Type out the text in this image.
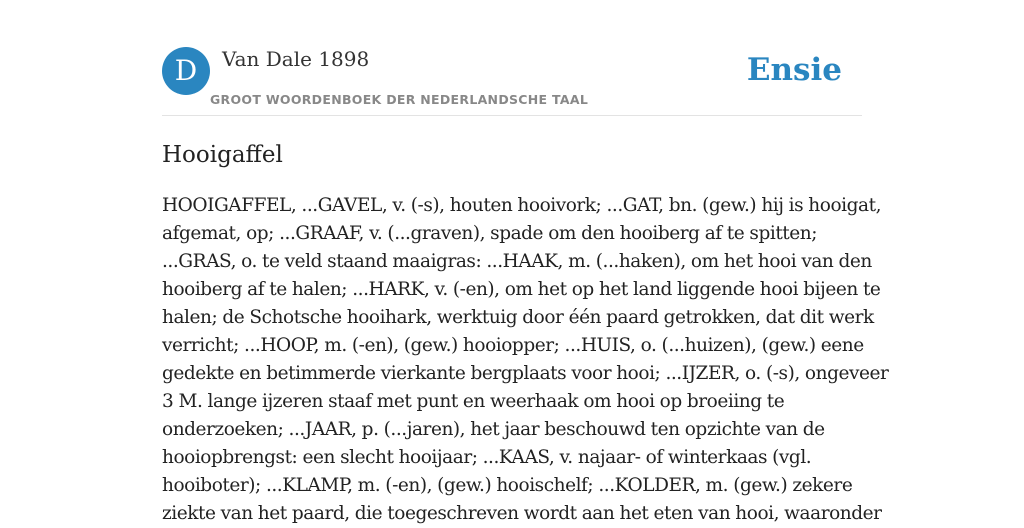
D	Van Dale 1898
GROOT WOORDENBOEK DER NEDERLANDSCHE TAAL
Ensie
Hooigaffel

HOOIGAFFEL, ...GAVEL, v. (-s), houten hooivork; ...GAT, bn. (gew.) hij is hooigat,
afgemat, op; ...GRAAF, v. (...graven), spade om den hooiberg af te spitten;
...GRAS, o. te veld staand maaigras: ...HAAK, m. (...haken), om het hooi van den
hooiberg af te halen; ...HARK, v. (-en), om het op het land liggende hooi bijeen te
halen; de Schotsche hooihark, werktuig door één paard getrokken, dat dit werk
verricht; ...HOOP, m. (-en), (gew.) hooiopper; ...HUIS, o. (...huizen), (gew.) eene
gedekte en betimmerde vierkante bergplaats voor hooi; ...IJZER, o. (-s), ongeveer
3 M. lange ijzeren staaf met punt en weerhaak om hooi op broeiing te
onderzoeken; ...JAAR, p. (...jaren), het jaar beschouwd ten opzichte van de
hooiopbrengst: een slecht hooijaar; ...KAAS, v. najaar- of winterkaas (vgl.
hooiboter); ...KLAMP, m. (-en), (gew.) hooischelf; ...KOLDER, m. (gew.) zekere
ziekte van het paard, die toegeschreven wordt aan het eten van hooi, waaronder
